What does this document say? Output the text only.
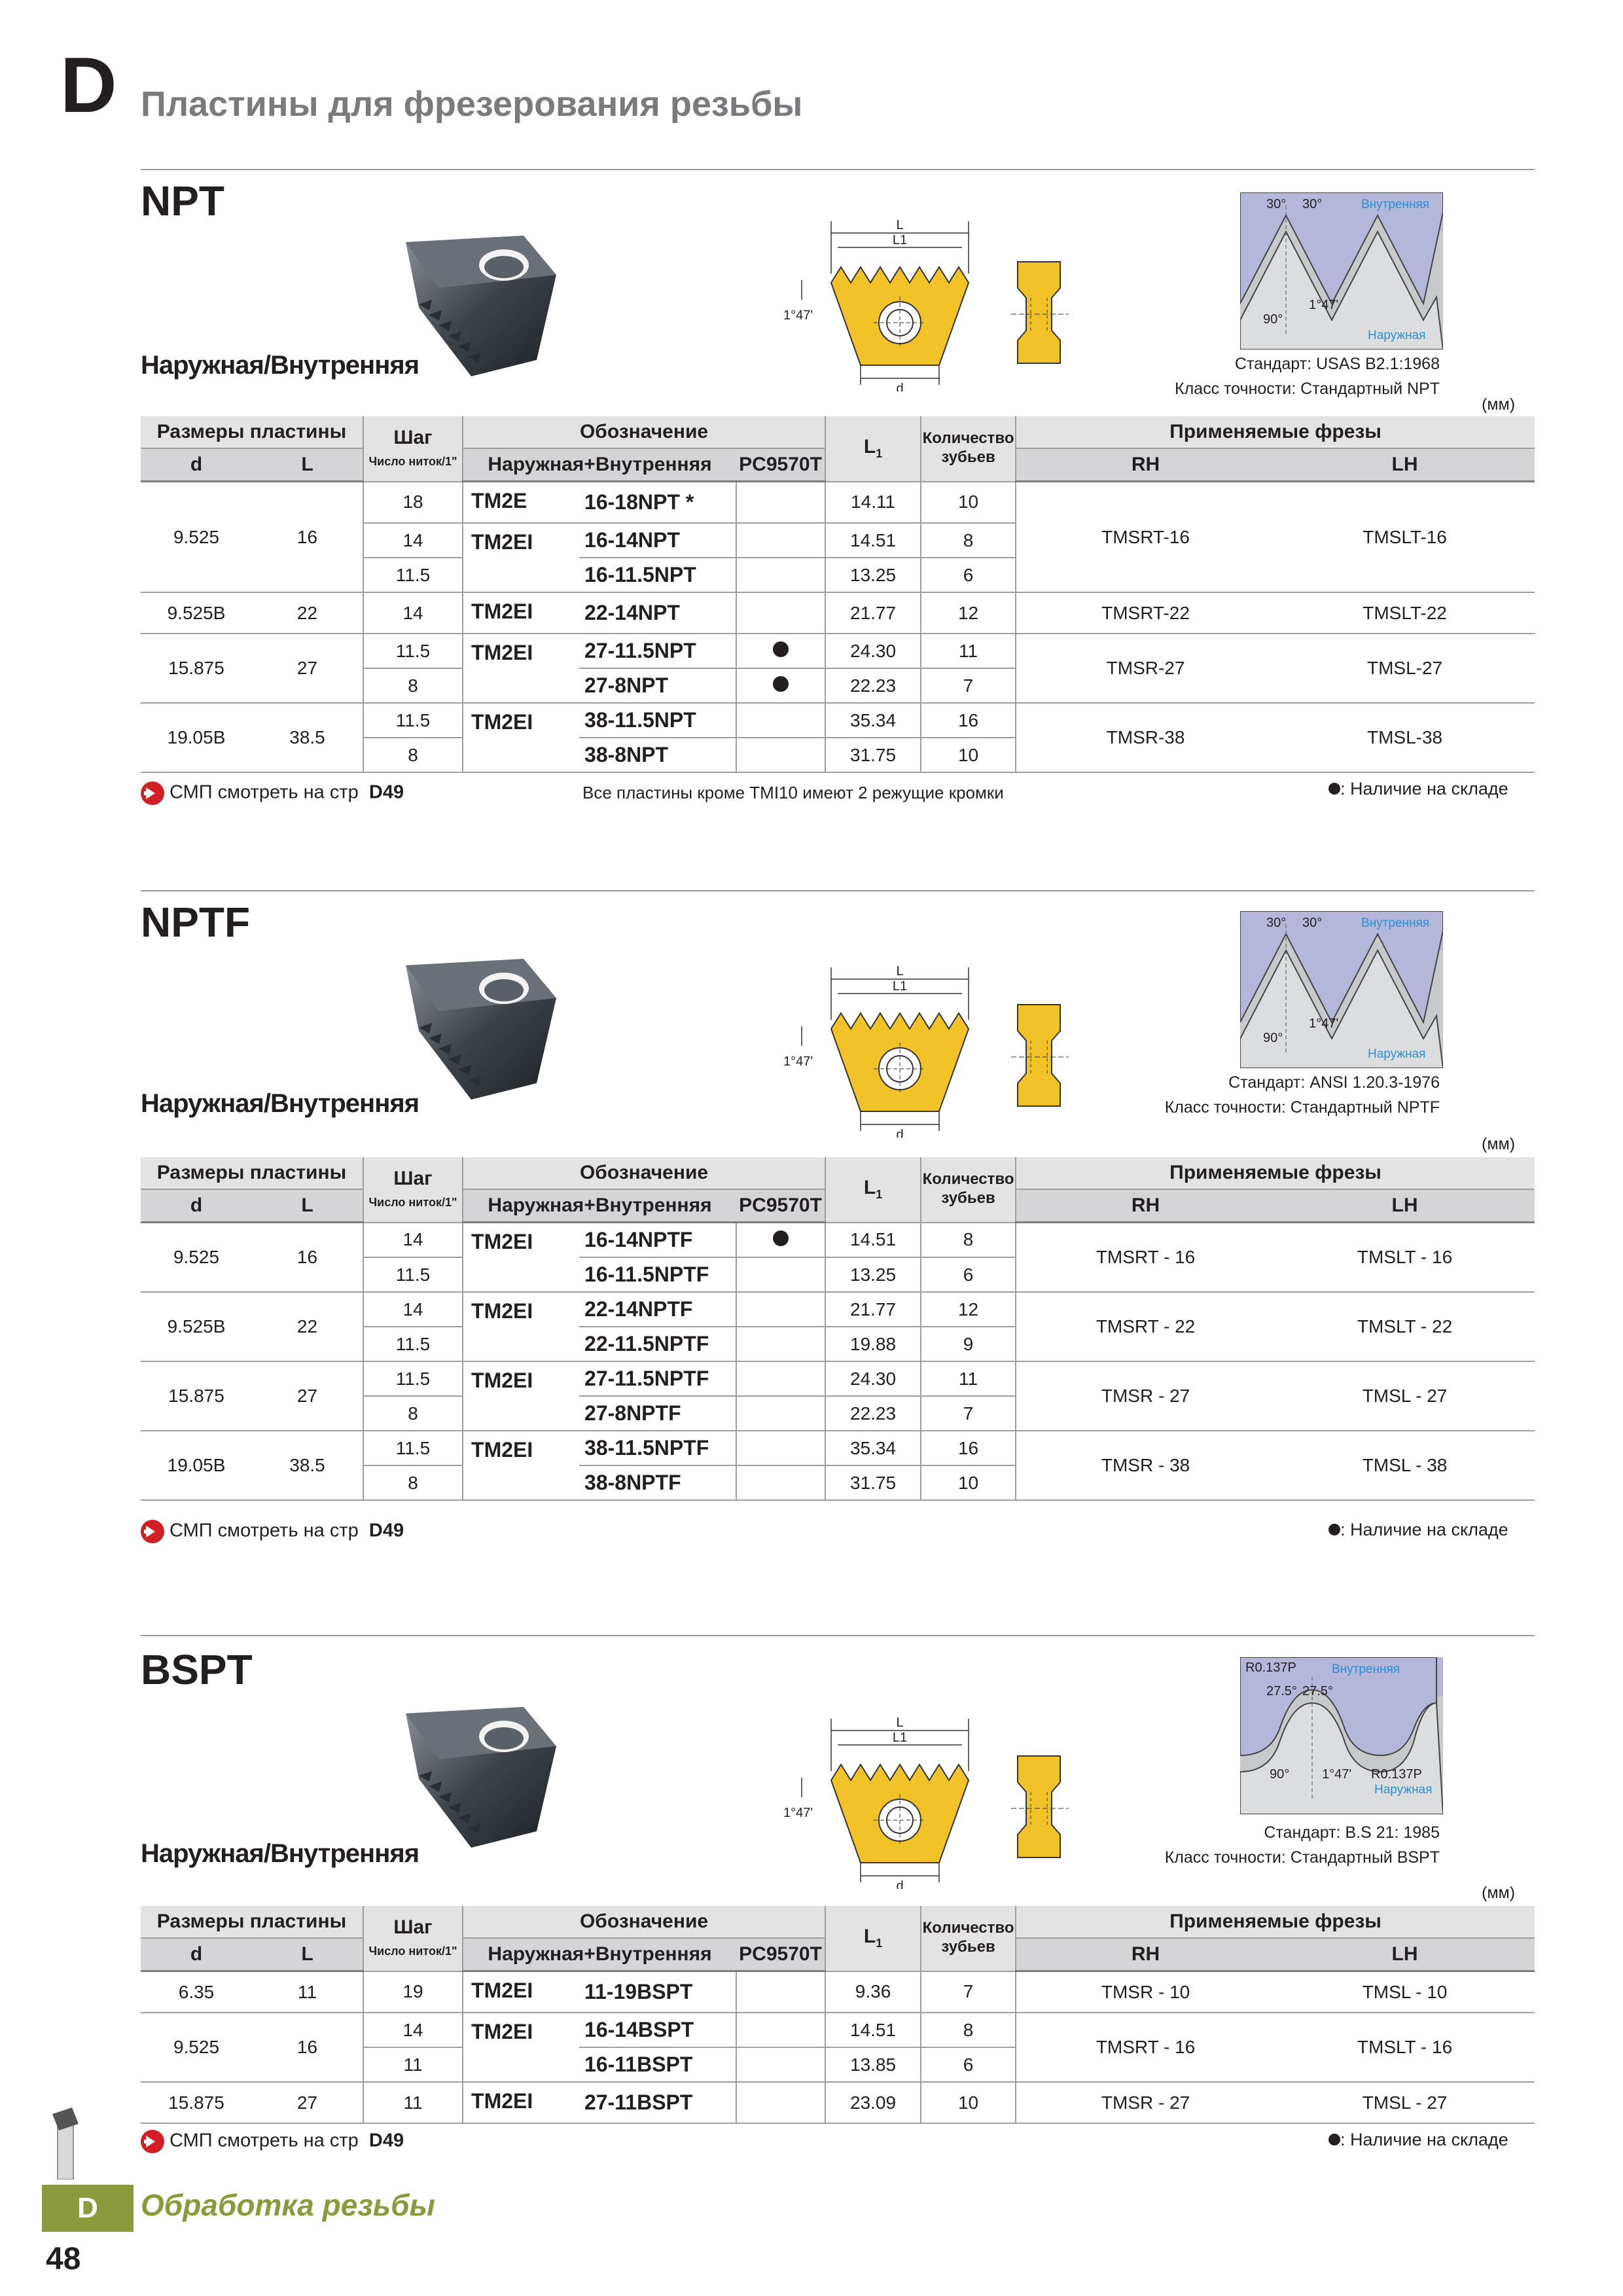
D Пластины для фрезерования резьбы
NPT
Наружная/Внутренняя
L
L1
d
1°47'
30° 30°
90°
1°47'
Внутренняя
Наружная
Стандарт: USAS B2.1:1968
Класс точности: Стандартный NPT
(мм)
Размеры пластины		Шаг
Число ниток/1"	Обозначение			$L_1$	Количество
зубьев	Применяемые фрезы	
d	L		Наружная+Внутренняя		PC9570T			RH	LH
9.525	16	18	TM2E	16-18NPT *		14.11	10	TMSRT-16	TMSLT-16
		14	TM2EI	16-14NPT		14.51	8		
		11.5		16-11.5NPT		13.25	6		
9.525B	22	14	TM2EI	22-14NPT		21.77	12	TMSRT-22	TMSLT-22
15.875	27	11.5	TM2EI	27-11.5NPT		24.30	11	TMSR-27	TMSL-27
		8		27-8NPT		22.23	7		
19.05B	38.5	11.5	TM2EI	38-11.5NPT		35.34	16	TMSR-38	TMSL-38
		8		38-8NPT		31.75	10		
СМП смотреть на стр D49	Все пластины кроме TMI10 имеют 2 режущие кромки	: Наличие на складе
NPTF
Наружная/Внутренняя
L
L1
d
1°47'
30° 30°
90°
1°47'
Внутренняя
Наружная
Стандарт: ANSI 1.20.3-1976
Класс точности: Стандартный NPTF
(мм)
Размеры пластины		Шаг
Число ниток/1"	Обозначение			$L_1$	Количество
зубьев	Применяемые фрезы	
d	L		Наружная+Внутренняя		PC9570T			RH	LH
9.525	16	14	TM2EI	16-14NPTF		14.51	8	TMSRT - 16	TMSLT - 16
		11.5		16-11.5NPTF		13.25	6		
9.525B	22	14	TM2EI	22-14NPTF		21.77	12	TMSRT - 22	TMSLT - 22
		11.5		22-11.5NPTF		19.88	9		
15.875	27	11.5	TM2EI	27-11.5NPTF		24.30	11	TMSR - 27	TMSL - 27
		8		27-8NPTF		22.23	7		
19.05B	38.5	11.5	TM2EI	38-11.5NPTF		35.34	16	TMSR - 38	TMSL - 38
		8		38-8NPTF		31.75	10		
СМП смотреть на стр D49	: Наличие на складе
BSPT
Наружная/Внутренняя
L
L1
d
1°47'
R0.137P
27.5° 27.5°
90° 1°47' R0.137P
Внутренняя
Наружная
Стандарт: B.S 21: 1985
Класс точности: Стандартный BSPT
(мм)
Размеры пластины		Шаг
Число ниток/1"	Обозначение			$L_1$	Количество
зубьев	Применяемые фрезы	
d	L		Наружная+Внутренняя		PC9570T			RH	LH
6.35	11	19	TM2EI	11-19BSPT		9.36	7	TMSR - 10	TMSL - 10
9.525	16	14	TM2EI	16-14BSPT		14.51	8	TMSRT - 16	TMSLT - 16
		11		16-11BSPT		13.85	6		
15.875	27	11	TM2EI	27-11BSPT		23.09	10	TMSR - 27	TMSL - 27
СМП смотреть на стр D49	: Наличие на складе
D	Обработка резьбы
48
